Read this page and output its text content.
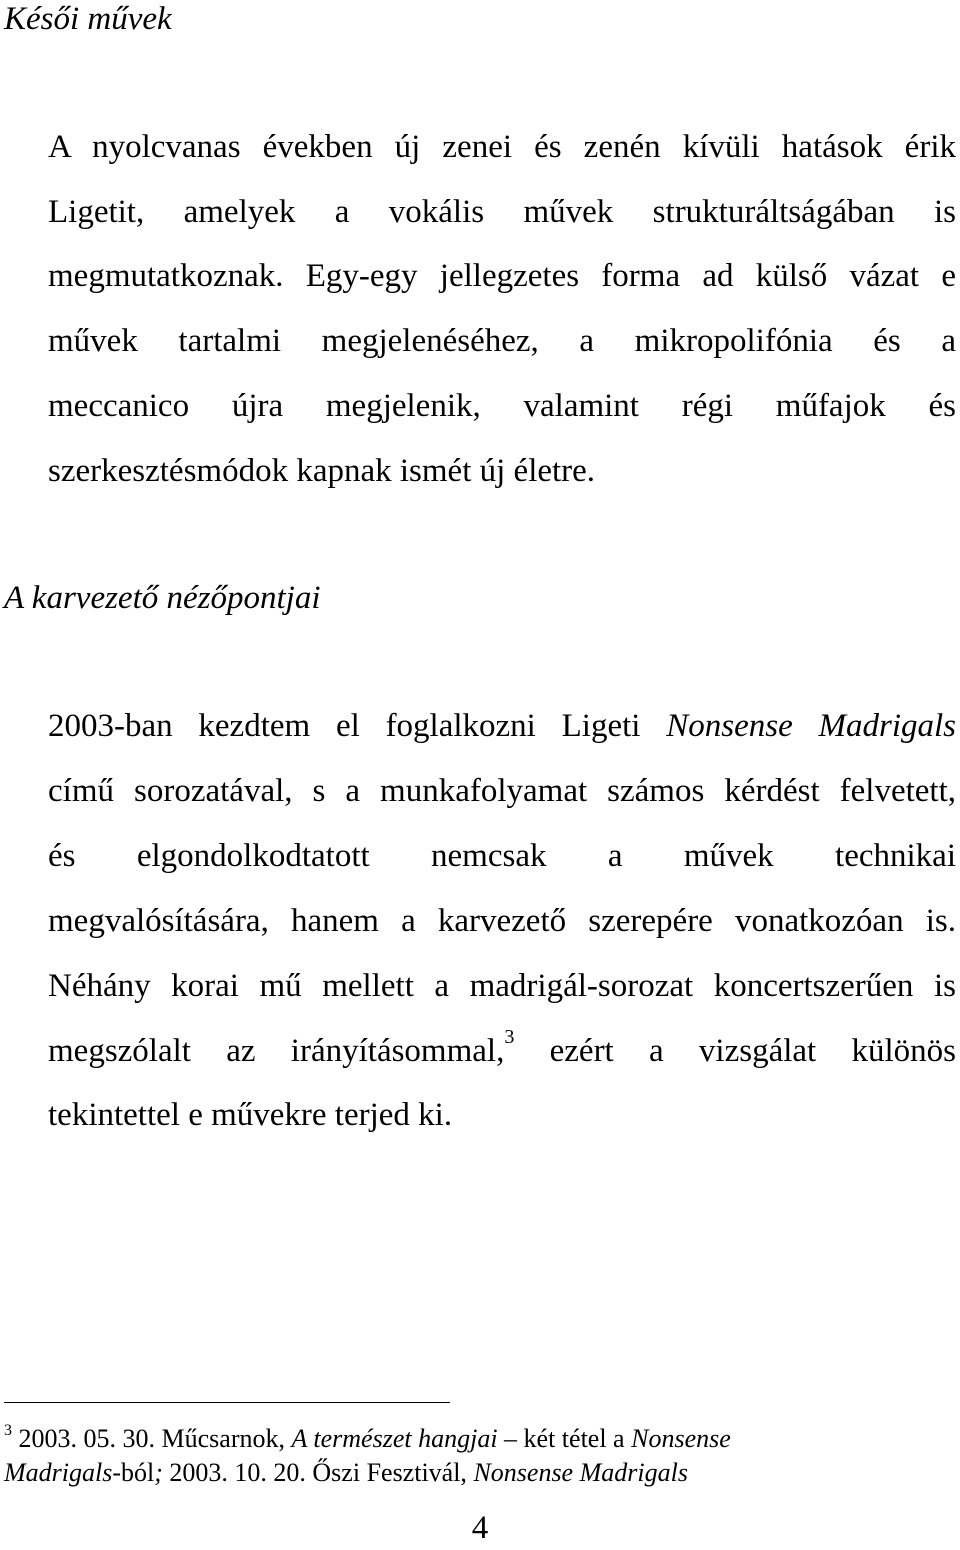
Késői művek

A nyolcvanas években új zenei és zenén kívüli hatások érik
Ligetit, amelyek a vokális művek strukturáltságában is
megmutatkoznak. Egy-egy jellegzetes forma ad külső vázat e
művek tartalmi megjelenéséhez, a mikropolifónia és a
meccanico újra megjelenik, valamint régi műfajok és
szerkesztésmódok kapnak ismét új életre.

A karvezető nézőpontjai

2003-ban kezdtem el foglalkozni Ligeti Nonsense Madrigals
című sorozatával, s a munkafolyamat számos kérdést felvetett,
és elgondolkodtatott nemcsak a művek technikai
megvalósítására, hanem a karvezető szerepére vonatkozóan is.
Néhány korai mű mellett a madrigál-sorozat koncertszerűen is
megszólalt az irányításommal,$^3$ ezért a vizsgálat különös
tekintettel e művekre terjed ki.

$^3$ 2003. 05. 30. Műcsarnok, A természet hangjai – két tétel a Nonsense
Madrigals-ból; 2003. 10. 20. Őszi Fesztivál, Nonsense Madrigals

4
